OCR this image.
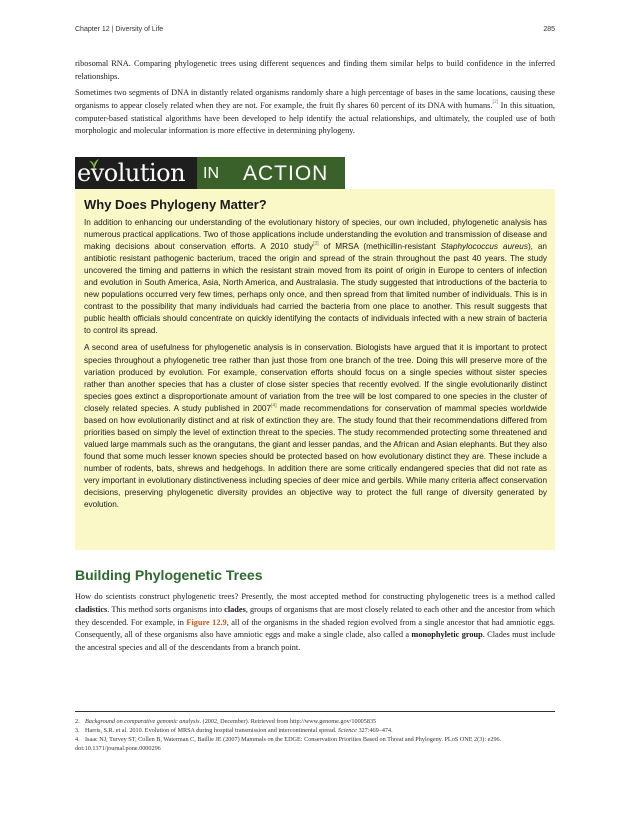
Chapter 12 | Diversity of Life	285

ribosomal RNA. Comparing phylogenetic trees using different sequences and finding them similar helps to build confidence in the inferred relationships.

Sometimes two segments of DNA in distantly related organisms randomly share a high percentage of bases in the same locations, causing these organisms to appear closely related when they are not. For example, the fruit fly shares 60 percent of its DNA with humans.[2] In this situation, computer-based statistical algorithms have been developed to help identify the actual relationships, and ultimately, the coupled use of both morphologic and molecular information is more effective in determining phylogeny.

evolution	IN ACTION
Why Does Phylogeny Matter?

In addition to enhancing our understanding of the evolutionary history of species, our own included, phylogenetic analysis has numerous practical applications. Two of those applications include understanding the evolution and transmission of disease and making decisions about conservation efforts. A 2010 study[3] of MRSA (methicillin-resistant Staphylococcus aureus), an antibiotic resistant pathogenic bacterium, traced the origin and spread of the strain throughout the past 40 years. The study uncovered the timing and patterns in which the resistant strain moved from its point of origin in Europe to centers of infection and evolution in South America, Asia, North America, and Australasia. The study suggested that introductions of the bacteria to new populations occurred very few times, perhaps only once, and then spread from that limited number of individuals. This is in contrast to the possibility that many individuals had carried the bacteria from one place to another. This result suggests that public health officials should concentrate on quickly identifying the contacts of individuals infected with a new strain of bacteria to control its spread.

A second area of usefulness for phylogenetic analysis is in conservation. Biologists have argued that it is important to protect species throughout a phylogenetic tree rather than just those from one branch of the tree. Doing this will preserve more of the variation produced by evolution. For example, conservation efforts should focus on a single species without sister species rather than another species that has a cluster of close sister species that recently evolved. If the single evolutionarily distinct species goes extinct a disproportionate amount of variation from the tree will be lost compared to one species in the cluster of closely related species. A study published in 2007[4] made recommendations for conservation of mammal species worldwide based on how evolutionarily distinct and at risk of extinction they are. The study found that their recommendations differed from priorities based on simply the level of extinction threat to the species. The study recommended protecting some threatened and valued large mammals such as the orangutans, the giant and lesser pandas, and the African and Asian elephants. But they also found that some much lesser known species should be protected based on how evolutionary distinct they are. These include a number of rodents, bats, shrews and hedgehogs. In addition there are some critically endangered species that did not rate as very important in evolutionary distinctiveness including species of deer mice and gerbils. While many criteria affect conservation decisions, preserving phylogenetic diversity provides an objective way to protect the full range of diversity generated by evolution.

Building Phylogenetic Trees

How do scientists construct phylogenetic trees? Presently, the most accepted method for constructing phylogenetic trees is a method called cladistics. This method sorts organisms into clades, groups of organisms that are most closely related to each other and the ancestor from which they descended. For example, in Figure 12.9, all of the organisms in the shaded region evolved from a single ancestor that had amniotic eggs. Consequently, all of these organisms also have amniotic eggs and make a single clade, also called a monophyletic group. Clades must include the ancestral species and all of the descendants from a branch point.

2. Background on comparative genomic analysis. (2002, December). Retrieved from http://www.genome.gov/10005835

3. Harris, S.R. et al. 2010. Evolution of MRSA during hospital transmission and intercontinental spread. Science 327:469–474.

4. Isaac NJ, Turvey ST, Collen B, Waterman C, Baillie JE (2007) Mammals on the EDGE: Conservation Priorities Based on Threat and Phylogeny. PLoS ONE 2(3): e296. doi:10.1371/journal.pone.0000296
